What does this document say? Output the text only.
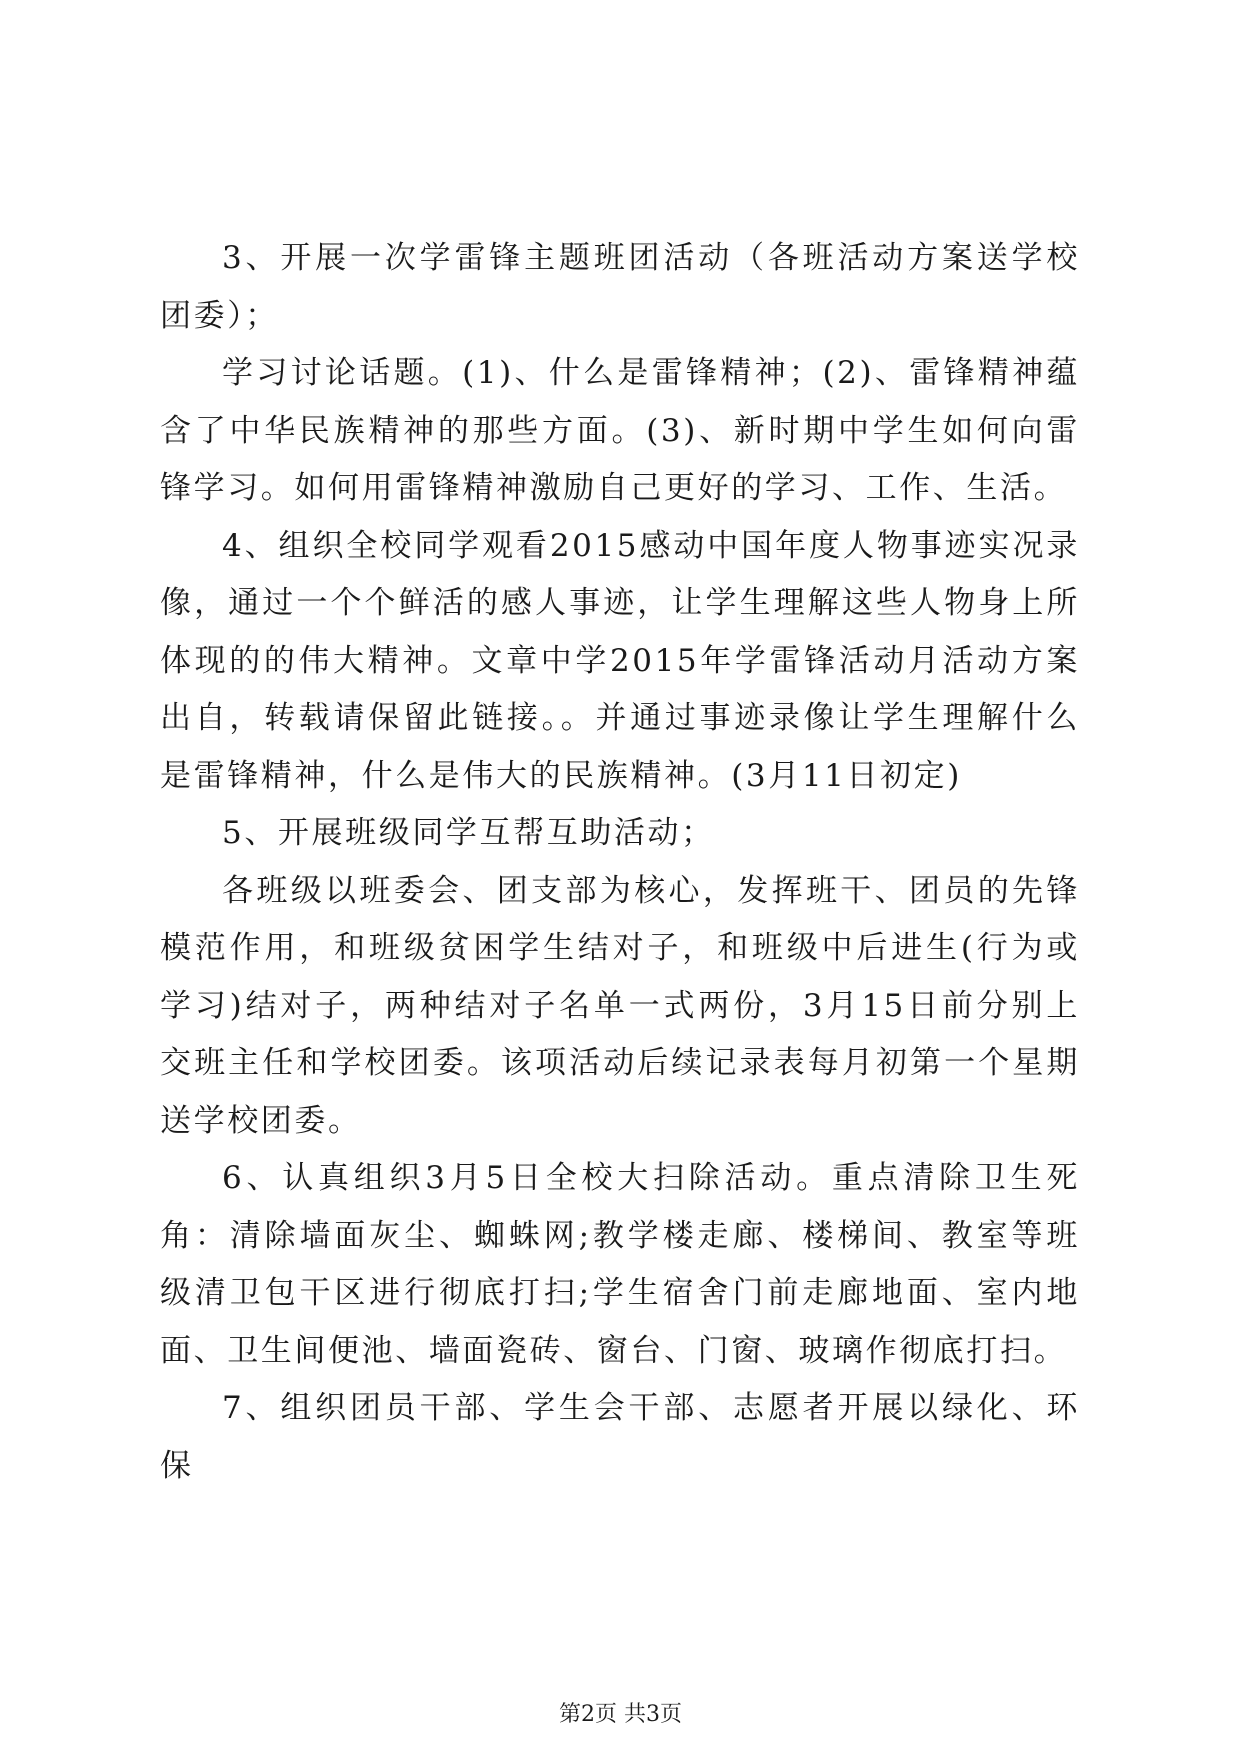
3、开展一次学雷锋主题班团活动（各班活动方案送学校团委）；

学习讨论话题。(1)、什么是雷锋精神；(2)、雷锋精神蕴含了中华民族精神的那些方面。(3)、新时期中学生如何向雷锋学习。如何用雷锋精神激励自己更好的学习、工作、生活。

4、组织全校同学观看2015感动中国年度人物事迹实况录像，通过一个个鲜活的感人事迹，让学生理解这些人物身上所体现的的伟大精神。文章中学2015年学雷锋活动月活动方案出自，转载请保留此链接。。并通过事迹录像让学生理解什么是雷锋精神，什么是伟大的民族精神。(3月11日初定)

5、开展班级同学互帮互助活动；

各班级以班委会、团支部为核心，发挥班干、团员的先锋模范作用，和班级贫困学生结对子，和班级中后进生(行为或学习)结对子，两种结对子名单一式两份，3月15日前分别上交班主任和学校团委。该项活动后续记录表每月初第一个星期送学校团委。

6、认真组织3月5日全校大扫除活动。重点清除卫生死角：清除墙面灰尘、蜘蛛网;教学楼走廊、楼梯间、教室等班级清卫包干区进行彻底打扫;学生宿舍门前走廊地面、室内地面、卫生间便池、墙面瓷砖、窗台、门窗、玻璃作彻底打扫。

7、组织团员干部、学生会干部、志愿者开展以绿化、环保

第2页 共3页
